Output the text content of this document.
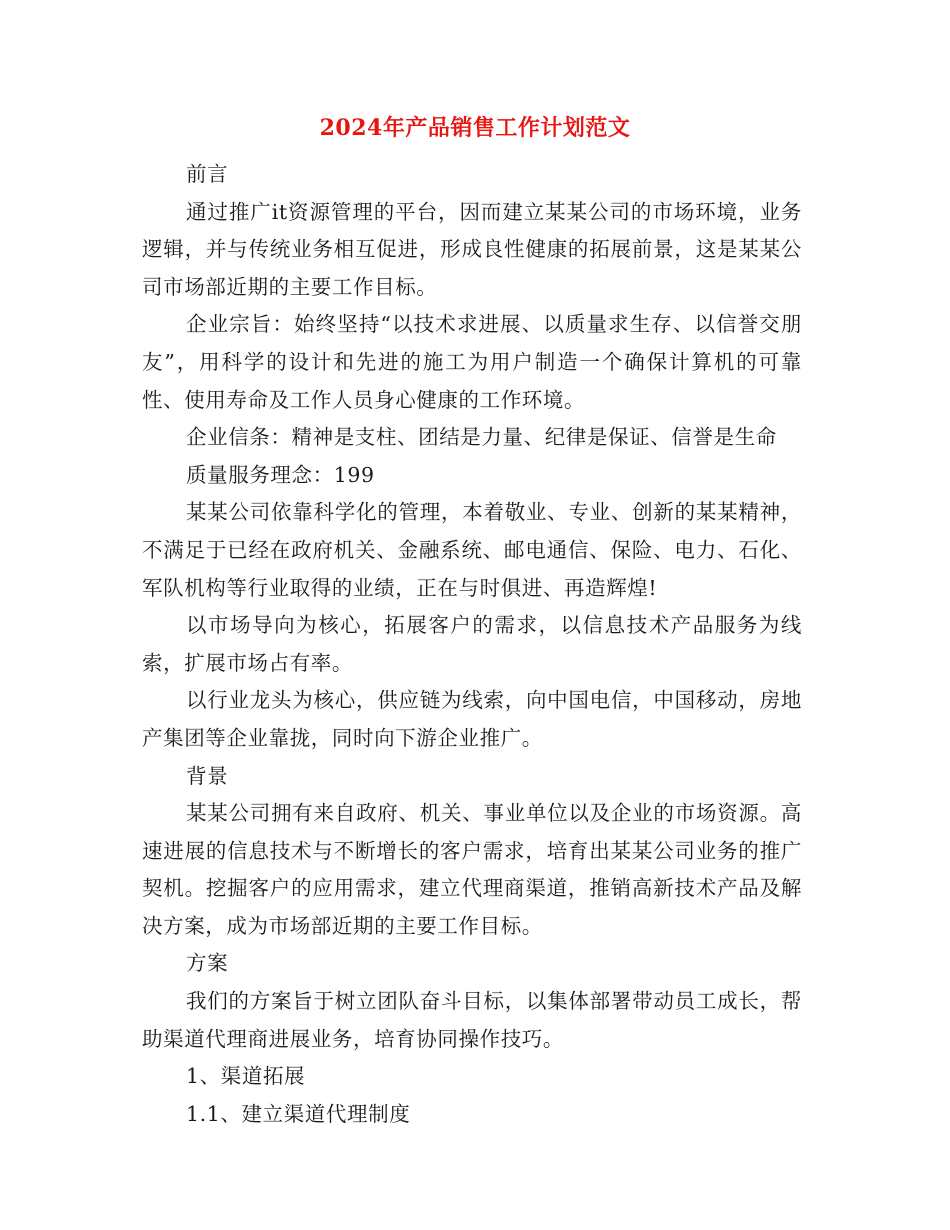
2024年产品销售工作计划范文

前言

通过推广it资源管理的平台，因而建立某某公司的市场环境，业务逻辑，并与传统业务相互促进，形成良性健康的拓展前景，这是某某公司市场部近期的主要工作目标。

企业宗旨：始终坚持“以技术求进展、以质量求生存、以信誉交朋友”，用科学的设计和先进的施工为用户制造一个确保计算机的可靠性、使用寿命及工作人员身心健康的工作环境。

企业信条：精神是支柱、团结是力量、纪律是保证、信誉是生命

质量服务理念：199

某某公司依靠科学化的管理，本着敬业、专业、创新的某某精神，不满足于已经在政府机关、金融系统、邮电通信、保险、电力、石化、军队机构等行业取得的业绩，正在与时俱进、再造辉煌!

以市场导向为核心，拓展客户的需求，以信息技术产品服务为线索，扩展市场占有率。

以行业龙头为核心，供应链为线索，向中国电信，中国移动，房地产集团等企业靠拢，同时向下游企业推广。

背景

某某公司拥有来自政府、机关、事业单位以及企业的市场资源。高速进展的信息技术与不断增长的客户需求，培育出某某公司业务的推广契机。挖掘客户的应用需求，建立代理商渠道，推销高新技术产品及解决方案，成为市场部近期的主要工作目标。

方案

我们的方案旨于树立团队奋斗目标，以集体部署带动员工成长，帮助渠道代理商进展业务，培育协同操作技巧。

1、渠道拓展

1.1、建立渠道代理制度
